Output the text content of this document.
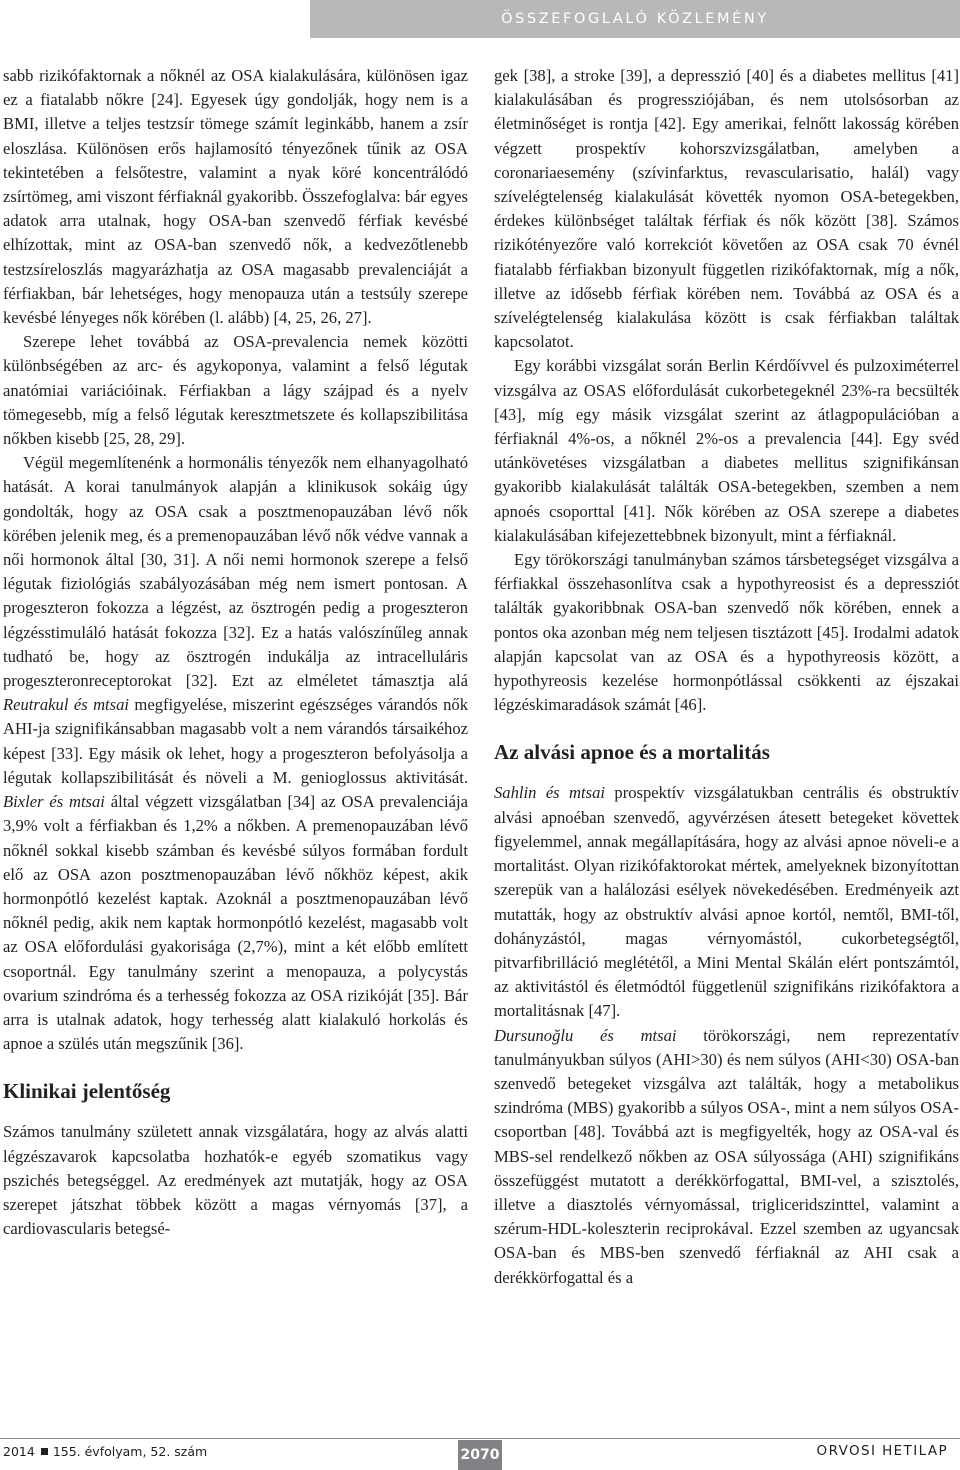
ÖSSZEFOGLALÓ KÖZLEMÉNY

sabb rizikófaktornak a nőknél az OSA kialakulására, különösen igaz ez a fiatalabb nőkre [24]. Egyesek úgy gondolják, hogy nem is a BMI, illetve a teljes testzsír tömege számít leginkább, hanem a zsír eloszlása. Különösen erős hajlamosító tényezőnek tűnik az OSA tekintetében a felsőtestre, valamint a nyak köré koncentrálódó zsírtömeg, ami viszont férfiaknál gyakoribb. Összefoglalva: bár egyes adatok arra utalnak, hogy OSA-ban szenvedő férfiak kevésbé elhízottak, mint az OSA-ban szenvedő nők, a kedvezőtlenebb testzsíreloszlás magyarázhatja az OSA magasabb prevalenciáját a férfiakban, bár lehetséges, hogy menopauza után a testsúly szerepe kevésbé lényeges nők körében (l. alább) [4, 25, 26, 27].

Szerepe lehet továbbá az OSA-prevalencia nemek közötti különbségében az arc- és agykoponya, valamint a felső légutak anatómiai variációinak. Férfiakban a lágy szájpad és a nyelv tömegesebb, míg a felső légutak keresztmetszete és kollapszibilitása nőkben kisebb [25, 28, 29].

Végül megemlítenénk a hormonális tényezők nem elhanyagolható hatását. A korai tanulmányok alapján a klinikusok sokáig úgy gondolták, hogy az OSA csak a posztmenopauzában lévő nők körében jelenik meg, és a premenopauzában lévő nők védve vannak a női hormonok által [30, 31]. A női nemi hormonok szerepe a felső légutak fiziológiás szabályozásában még nem ismert pontosan. A progeszteron fokozza a légzést, az ösztrogén pedig a progeszteron légzésstimuláló hatását fokozza [32]. Ez a hatás valószínűleg annak tudható be, hogy az ösztrogén indukálja az intracelluláris progeszteronreceptorokat [32]. Ezt az elméletet támasztja alá Reutrakul és mtsai megfigyelése, miszerint egészséges várandós nők AHI-ja szignifikánsabban magasabb volt a nem várandós társaikéhoz képest [33]. Egy másik ok lehet, hogy a progeszteron befolyásolja a légutak kollapszibilitását és növeli a M. genioglossus aktivitását. Bixler és mtsai által végzett vizsgálatban [34] az OSA prevalenciája 3,9% volt a férfiakban és 1,2% a nőkben. A premenopauzában lévő nőknél sokkal kisebb számban és kevésbé súlyos formában fordult elő az OSA azon posztmenopauzában lévő nőkhöz képest, akik hormonpótló kezelést kaptak. Azoknál a posztmenopauzában lévő nőknél pedig, akik nem kaptak hormonpótló kezelést, magasabb volt az OSA előfordulási gyakorisága (2,7%), mint a két előbb említett csoportnál. Egy tanulmány szerint a menopauza, a polycystás ovarium szindróma és a terhesség fokozza az OSA rizikóját [35]. Bár arra is utalnak adatok, hogy terhesség alatt kialakuló horkolás és apnoe a szülés után megszűnik [36].

Klinikai jelentőség

Számos tanulmány született annak vizsgálatára, hogy az alvás alatti légzészavarok kapcsolatba hozhatók-e egyéb szomatikus vagy pszichés betegséggel. Az eredmények azt mutatják, hogy az OSA szerepet játszhat többek között a magas vérnyomás [37], a cardiovascularis betegsé-

gek [38], a stroke [39], a depresszió [40] és a diabetes mellitus [41] kialakulásában és progressziójában, és nem utolsósorban az életminőséget is rontja [42]. Egy amerikai, felnőtt lakosság körében végzett prospektív kohorszvizsgálatban, amelyben a coronariaesemény (szívinfarktus, revascularisatio, halál) vagy szívelégtelenség kialakulását követték nyomon OSA-betegekben, érdekes különbséget találtak férfiak és nők között [38]. Számos rizikótényezőre való korrekciót követően az OSA csak 70 évnél fiatalabb férfiakban bizonyult független rizikófaktornak, míg a nők, illetve az idősebb férfiak körében nem. Továbbá az OSA és a szívelégtelenség kialakulása között is csak férfiakban találtak kapcsolatot.

Egy korábbi vizsgálat során Berlin Kérdőívvel és pulzoximéterrel vizsgálva az OSAS előfordulását cukorbetegeknél 23%-ra becsülték [43], míg egy másik vizsgálat szerint az átlagpopulációban a férfiaknál 4%-os, a nőknél 2%-os a prevalencia [44]. Egy svéd utánkövetéses vizsgálatban a diabetes mellitus szignifikánsan gyakoribb kialakulását találták OSA-betegekben, szemben a nem apnoés csoporttal [41]. Nők körében az OSA szerepe a diabetes kialakulásában kifejezettebbnek bizonyult, mint a férfiaknál.

Egy törökországi tanulmányban számos társbetegséget vizsgálva a férfiakkal összehasonlítva csak a hypothyreosist és a depressziót találták gyakoribbnak OSA-ban szenvedő nők körében, ennek a pontos oka azonban még nem teljesen tisztázott [45]. Irodalmi adatok alapján kapcsolat van az OSA és a hypothyreosis között, a hypothyreosis kezelése hormonpótlással csökkenti az éjszakai légzéskimaradások számát [46].

Az alvási apnoe és a mortalitás

Sahlin és mtsai prospektív vizsgálatukban centrális és obstruktív alvási apnoéban szenvedő, agyvérzésen átesett betegeket követtek figyelemmel, annak megállapítására, hogy az alvási apnoe növeli-e a mortalitást. Olyan rizikófaktorokat mértek, amelyeknek bizonyítottan szerepük van a halálozási esélyek növekedésében. Eredményeik azt mutatták, hogy az obstruktív alvási apnoe kortól, nemtől, BMI-től, dohányzástól, magas vérnyomástól, cukorbetegségtől, pitvarfibrilláció meglététől, a Mini Mental Skálán elért pontszámtól, az aktivitástól és életmódtól függetlenül szignifikáns rizikófaktora a mortalitásnak [47].

Dursunoğlu és mtsai törökországi, nem reprezentatív tanulmányukban súlyos (AHI>30) és nem súlyos (AHI<30) OSA-ban szenvedő betegeket vizsgálva azt találták, hogy a metabolikus szindróma (MBS) gyakoribb a súlyos OSA-, mint a nem súlyos OSA-csoportban [48]. Továbbá azt is megfigyelték, hogy az OSA-val és MBS-sel rendelkező nőkben az OSA súlyossága (AHI) szignifikáns összefüggést mutatott a derékkörfogattal, BMI-vel, a szisztolés, illetve a diasztolés vérnyomással, trigliceridszinttel, valamint a szérum-HDL-koleszterin reciprokával. Ezzel szemben az ugyancsak OSA-ban és MBS-ben szenvedő férfiaknál az AHI csak a derékkörfogattal és a

2014 155. évfolyam, 52. szám	2070	ORVOSI HETILAP
